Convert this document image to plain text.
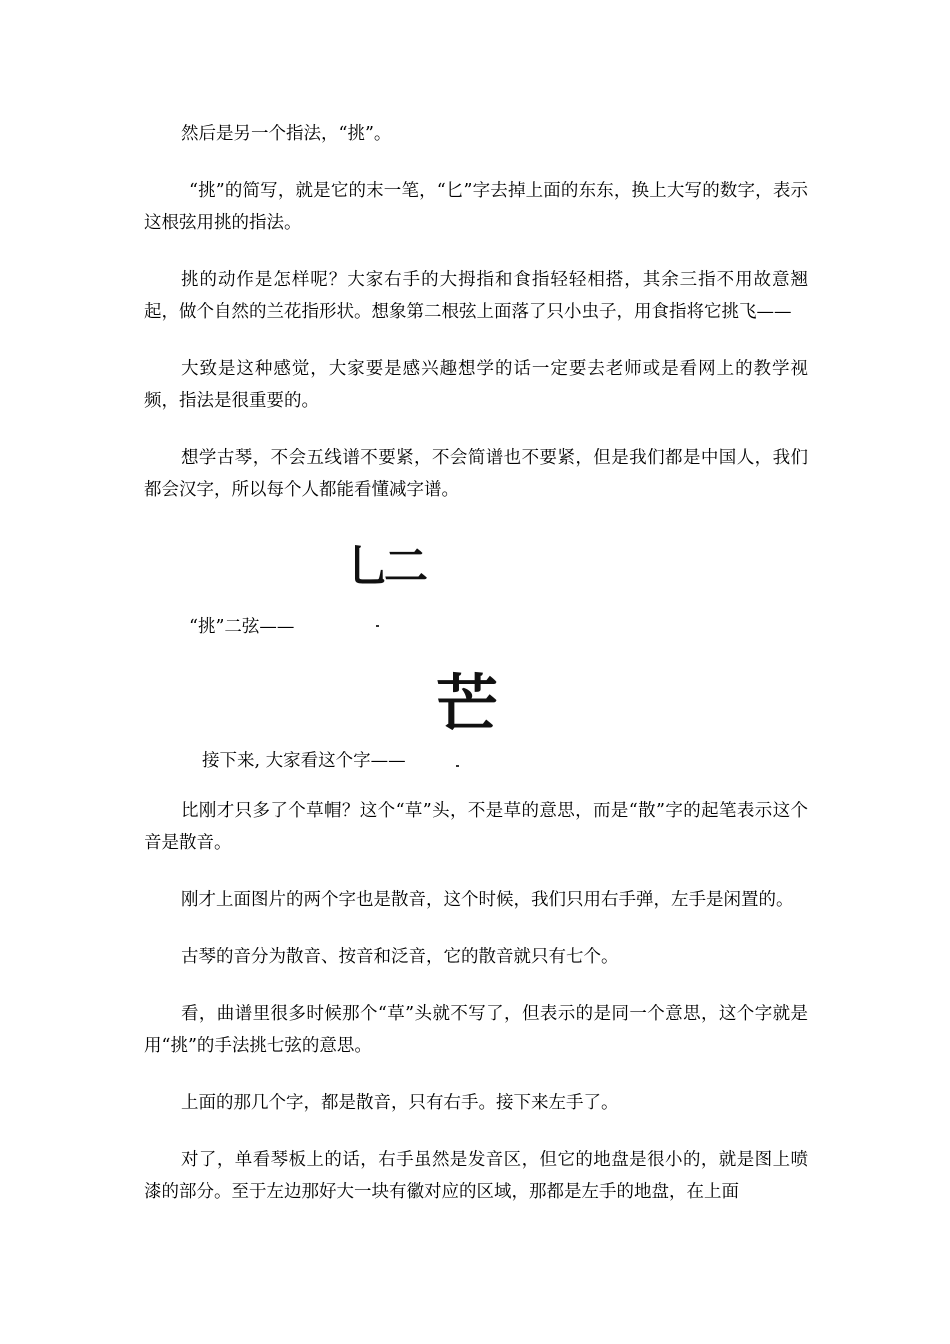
然后是另一个指法，“挑”。

“挑”的简写，就是它的末一笔，“匕”字去掉上面的东东，换上大写的数字，表示这根弦用挑的指法。

挑的动作是怎样呢？大家右手的大拇指和食指轻轻相搭，其余三指不用故意翘起，做个自然的兰花指形状。想象第二根弦上面落了只小虫子，用食指将它挑飞——

大致是这种感觉，大家要是感兴趣想学的话一定要去老师或是看网上的教学视频，指法是很重要的。

想学古琴，不会五线谱不要紧，不会简谱也不要紧，但是我们都是中国人，我们都会汉字，所以每个人都能看懂减字谱。

“挑”二弦——
乚二
接下来, 大家看这个字——
芒

比刚才只多了个草帽？这个“草”头，不是草的意思，而是“散”字的起笔表示这个音是散音。

刚才上面图片的两个字也是散音，这个时候，我们只用右手弹，左手是闲置的。

古琴的音分为散音、按音和泛音，它的散音就只有七个。

看，曲谱里很多时候那个“草”头就不写了，但表示的是同一个意思，这个字就是用“挑”的手法挑七弦的意思。

上面的那几个字，都是散音，只有右手。接下来左手了。

对了，单看琴板上的话，右手虽然是发音区，但它的地盘是很小的，就是图上喷漆的部分。至于左边那好大一块有徽对应的区域，那都是左手的地盘，在上面
